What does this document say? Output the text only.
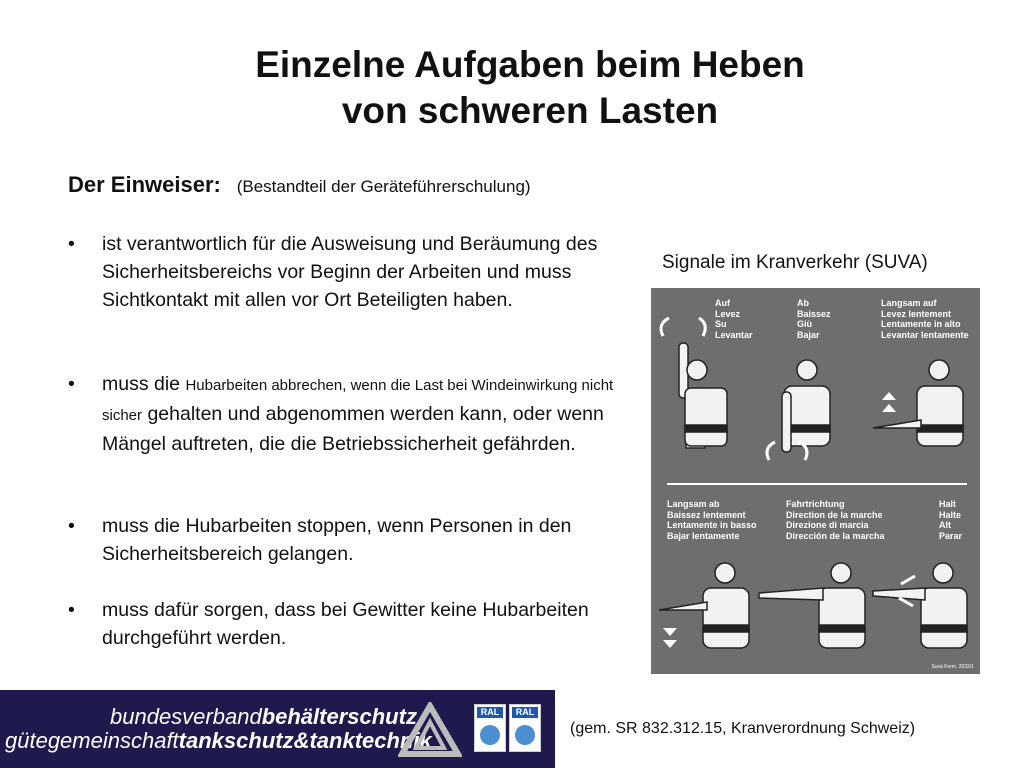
Einzelne Aufgaben beim Heben
von schweren Lasten
Der Einweiser: (Bestandteil der Geräteführerschulung)
• ist verantwortlich für die Ausweisung und Beräumung des Sicherheitsbereichs vor Beginn der Arbeiten und muss Sichtkontakt mit allen vor Ort Beteiligten haben.
• muss die Hubarbeiten abbrechen, wenn die Last bei Windeinwirkung nicht sicher gehalten und abgenommen werden kann, oder wenn Mängel auftreten, die die Betriebssicherheit gefährden.
• muss die Hubarbeiten stoppen, wenn Personen in den Sicherheitsbereich gelangen.
• muss dafür sorgen, dass bei Gewitter keine Hubarbeiten durchgeführt werden.
Signale im Kranverkehr (SUVA)
Auf
Levez
Su
Levantar
Ab
Baissez
Giù
Bajar
Langsam auf
Levez lentement
Lentamente in alto
Levantar lentamente
Langsam ab
Baissez lentement
Lentamente in basso
Bajar lentamente
Fahrtrichtung
Direction de la marche
Direzione di marcia
Dirección de la marcha
Halt
Halte
Alt
Parar
Suva Form. 2033/1
bundesverbandbehälterschutz
gütegemeinschafttankschutz&tanktechnik
RAL	RAL
(gem. SR 832.312.15, Kranverordnung Schweiz)
